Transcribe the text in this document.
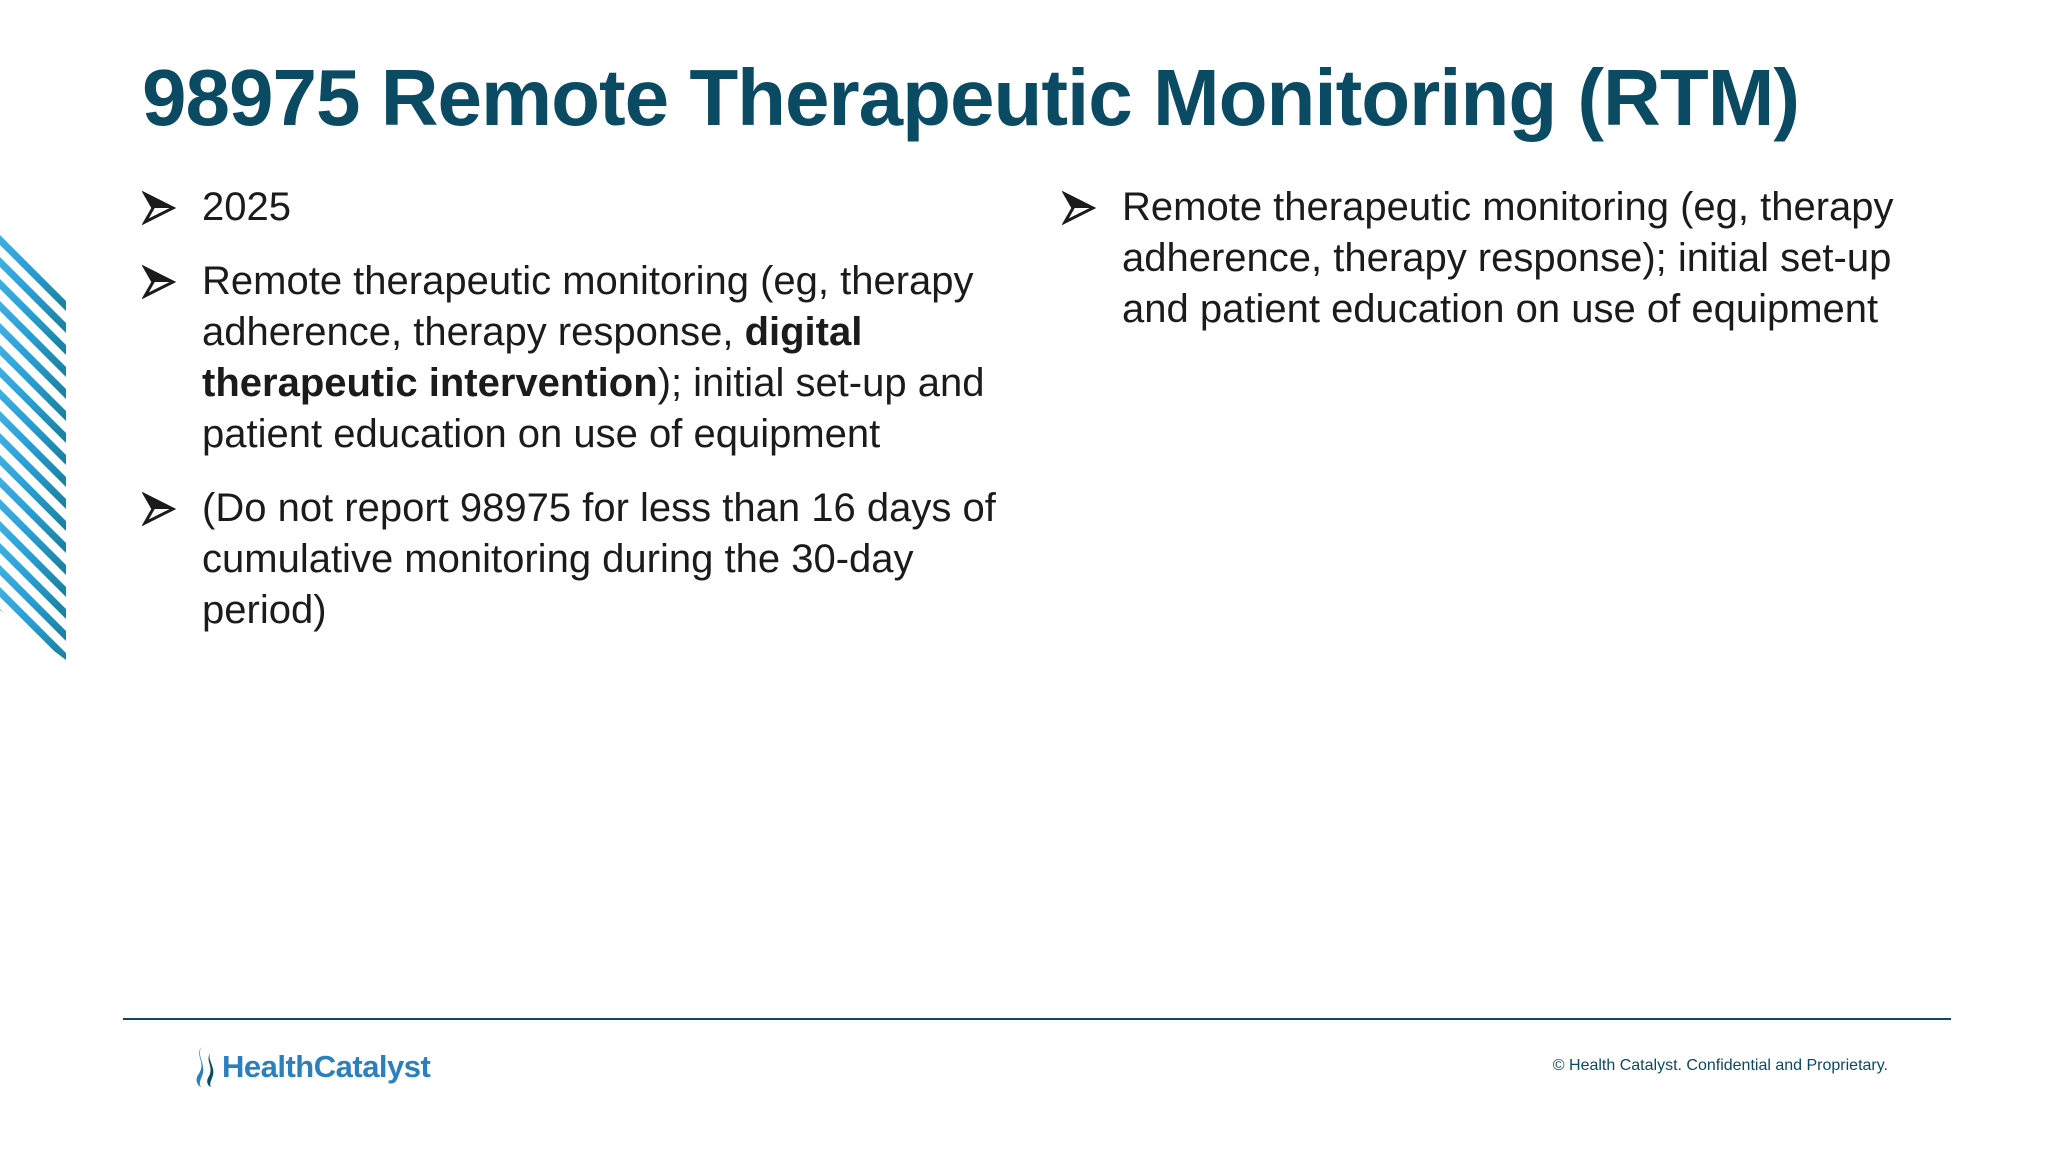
98975 Remote Therapeutic Monitoring (RTM)
2025
Remote therapeutic monitoring (eg, therapy adherence, therapy response, digital therapeutic intervention); initial set-up and patient education on use of equipment
(Do not report 98975 for less than 16 days of cumulative monitoring during the 30-day period)
Remote therapeutic monitoring (eg, therapy adherence, therapy response); initial set-up and patient education on use of equipment
HealthCatalyst	© Health Catalyst. Confidential and Proprietary.
